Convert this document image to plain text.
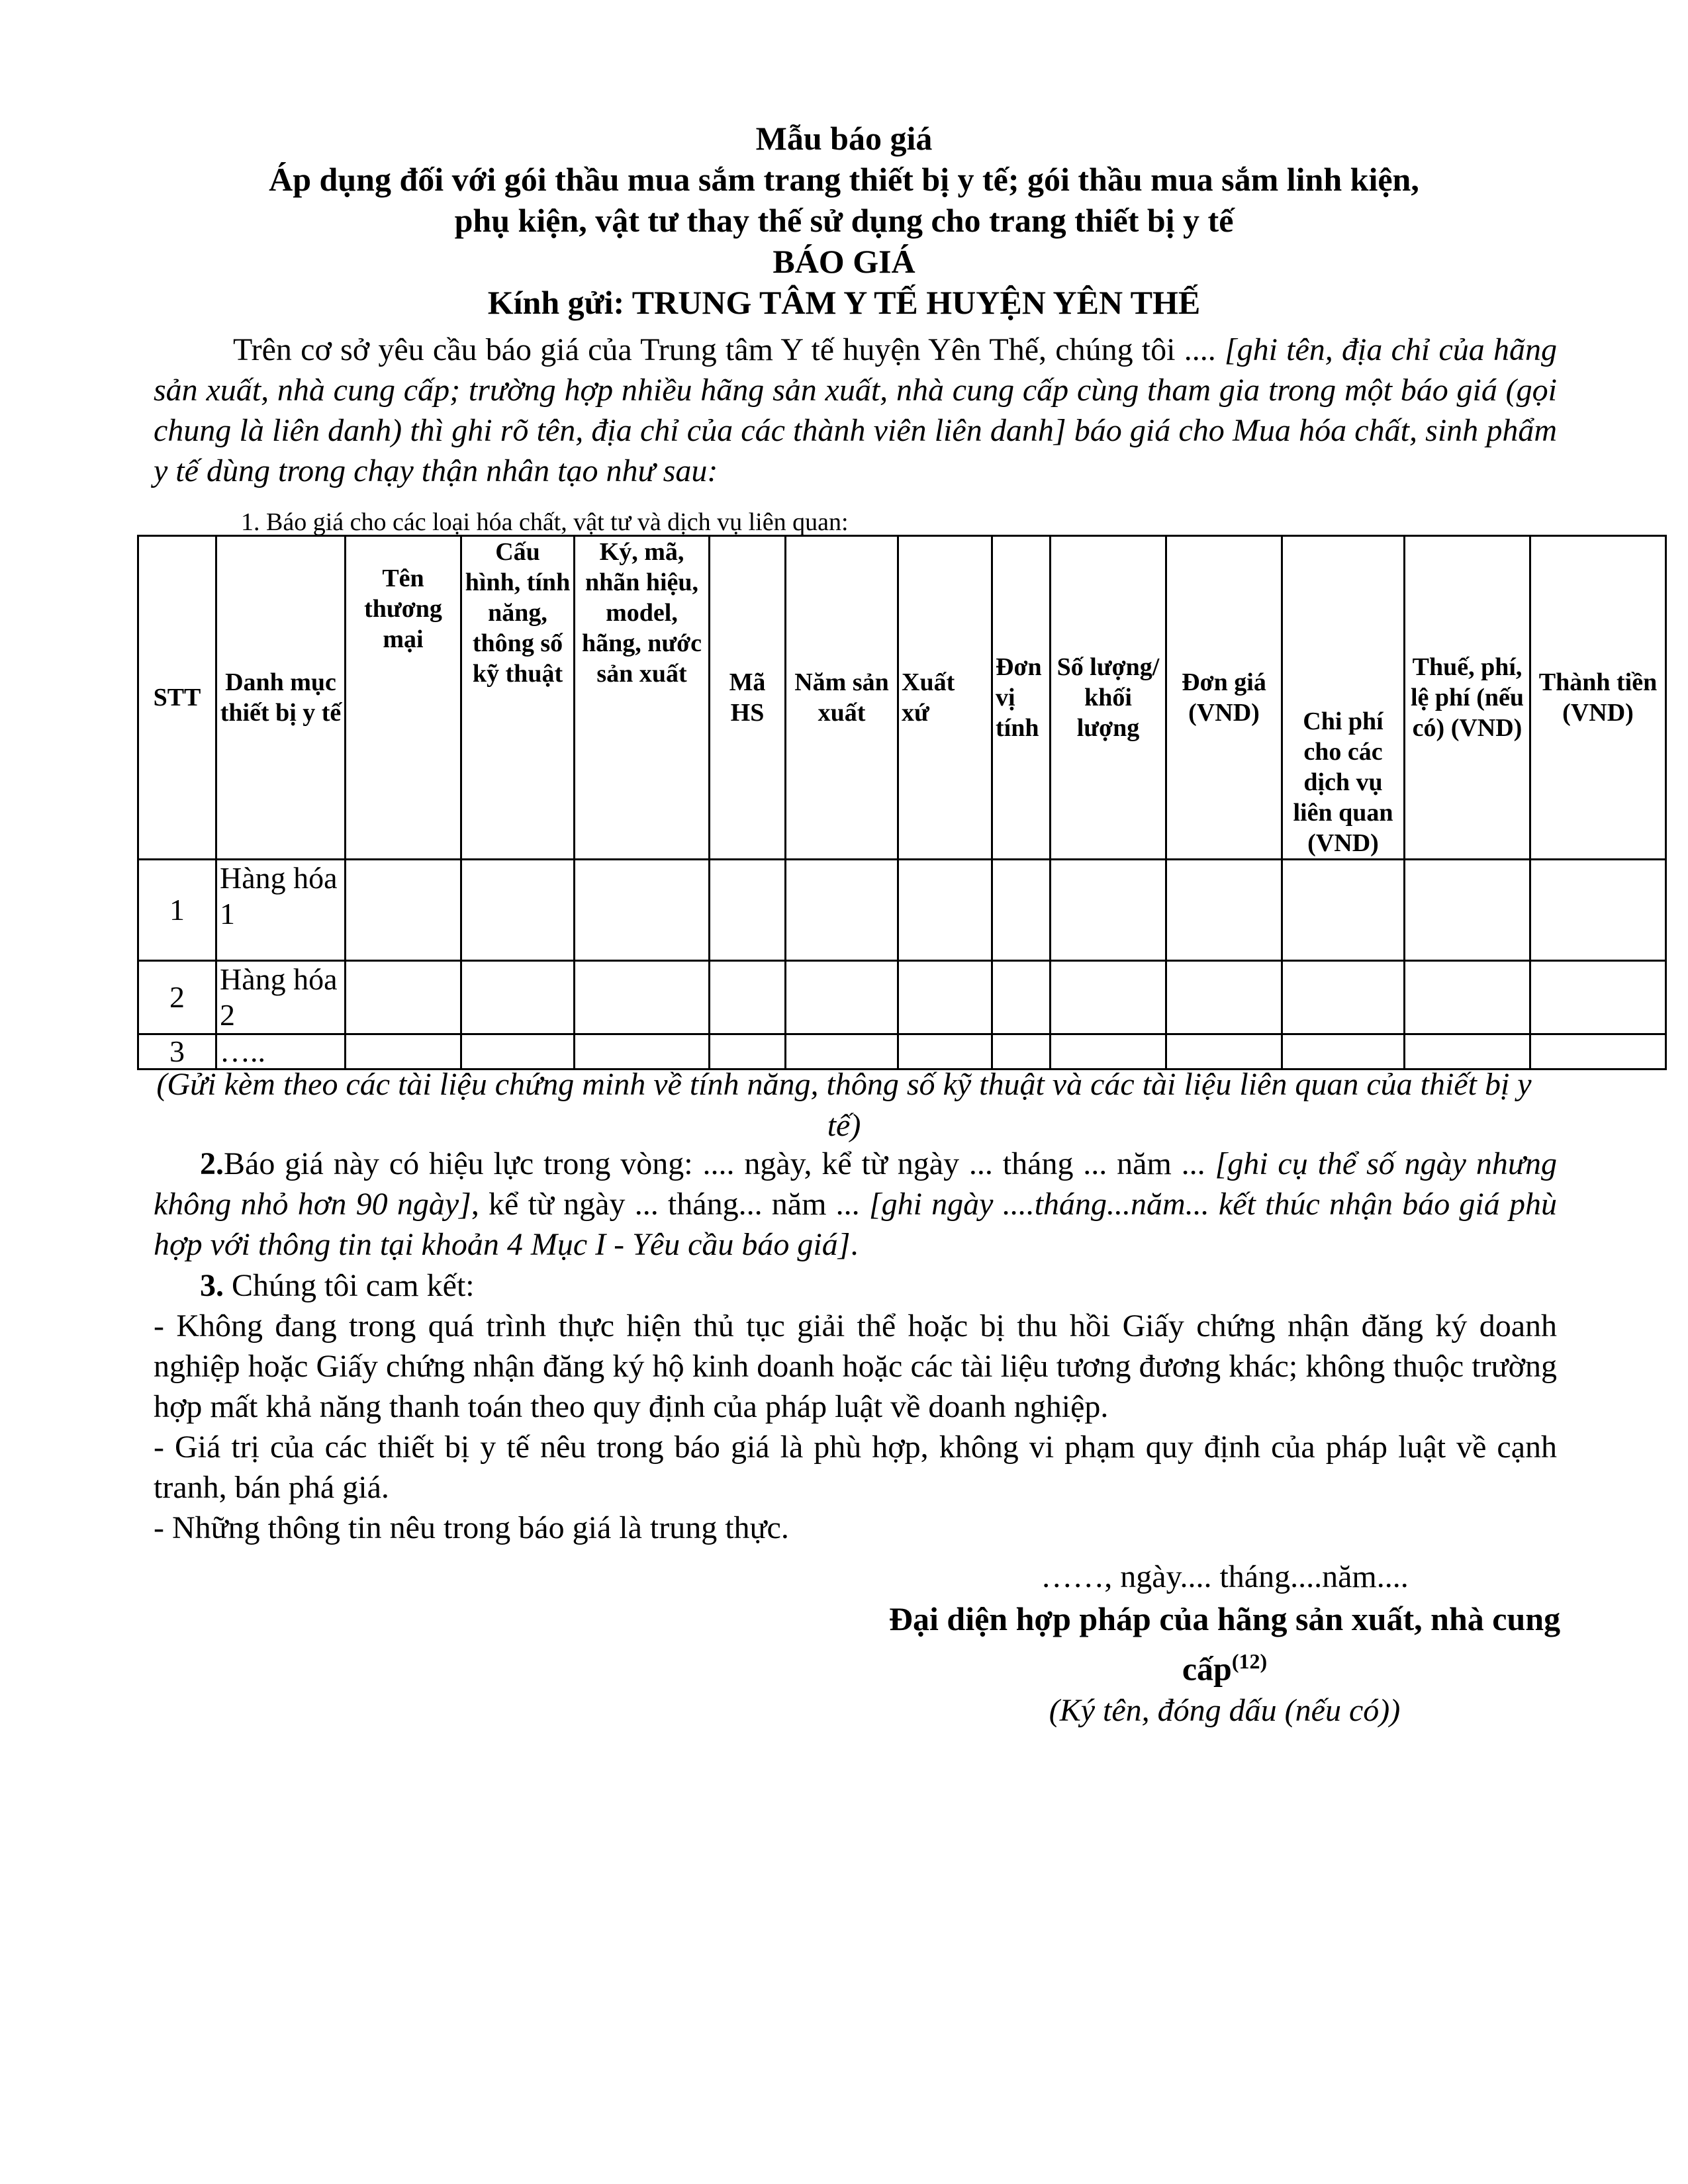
Mẫu báo giá
Áp dụng đối với gói thầu mua sắm trang thiết bị y tế; gói thầu mua sắm linh kiện,
phụ kiện, vật tư thay thế sử dụng cho trang thiết bị y tế
BÁO GIÁ
Kính gửi: TRUNG TÂM Y TẾ HUYỆN YÊN THẾ
Trên cơ sở yêu cầu báo giá của Trung tâm Y tế huyện Yên Thế, chúng tôi .... [ghi tên, địa chỉ của hãng sản xuất, nhà cung cấp; trường hợp nhiều hãng sản xuất, nhà cung cấp cùng tham gia trong một báo giá (gọi chung là liên danh) thì ghi rõ tên, địa chỉ của các thành viên liên danh] báo giá cho Mua hóa chất, sinh phẩm y tế dùng trong chạy thận nhân tạo như sau:
1. Báo giá cho các loại hóa chất, vật tư và dịch vụ liên quan:
STT	Danh mục thiết bị y tế	Tên thương mại	Cấu hình, tính năng, thông số kỹ thuật	Ký, mã, nhãn hiệu, model, hãng, nước sản xuất	Mã HS	Năm sản xuất	Xuất xứ	Đơn vị tính	Số lượng/ khối lượng	Đơn giá (VND)	Chi phí cho các dịch vụ liên quan (VND)	Thuế, phí, lệ phí (nếu có) (VND)	Thành tiền (VND)
1	Hàng hóa 1												
2	Hàng hóa 2												
3	…..												
(Gửi kèm theo các tài liệu chứng minh về tính năng, thông số kỹ thuật và các tài liệu liên quan của thiết bị y tế)
2.Báo giá này có hiệu lực trong vòng: .... ngày, kể từ ngày ... tháng ... năm ... [ghi cụ thể số ngày nhưng không nhỏ hơn 90 ngày], kể từ ngày ... tháng... năm ... [ghi ngày ....tháng...năm... kết thúc nhận báo giá phù hợp với thông tin tại khoản 4 Mục I - Yêu cầu báo giá].
3. Chúng tôi cam kết:
- Không đang trong quá trình thực hiện thủ tục giải thể hoặc bị thu hồi Giấy chứng nhận đăng ký doanh nghiệp hoặc Giấy chứng nhận đăng ký hộ kinh doanh hoặc các tài liệu tương đương khác; không thuộc trường hợp mất khả năng thanh toán theo quy định của pháp luật về doanh nghiệp.
- Giá trị của các thiết bị y tế nêu trong báo giá là phù hợp, không vi phạm quy định của pháp luật về cạnh tranh, bán phá giá.
- Những thông tin nêu trong báo giá là trung thực.
……, ngày.... tháng....năm....
Đại diện hợp pháp của hãng sản xuất, nhà cung cấp$^{(12)}$
(Ký tên, đóng dấu (nếu có))
